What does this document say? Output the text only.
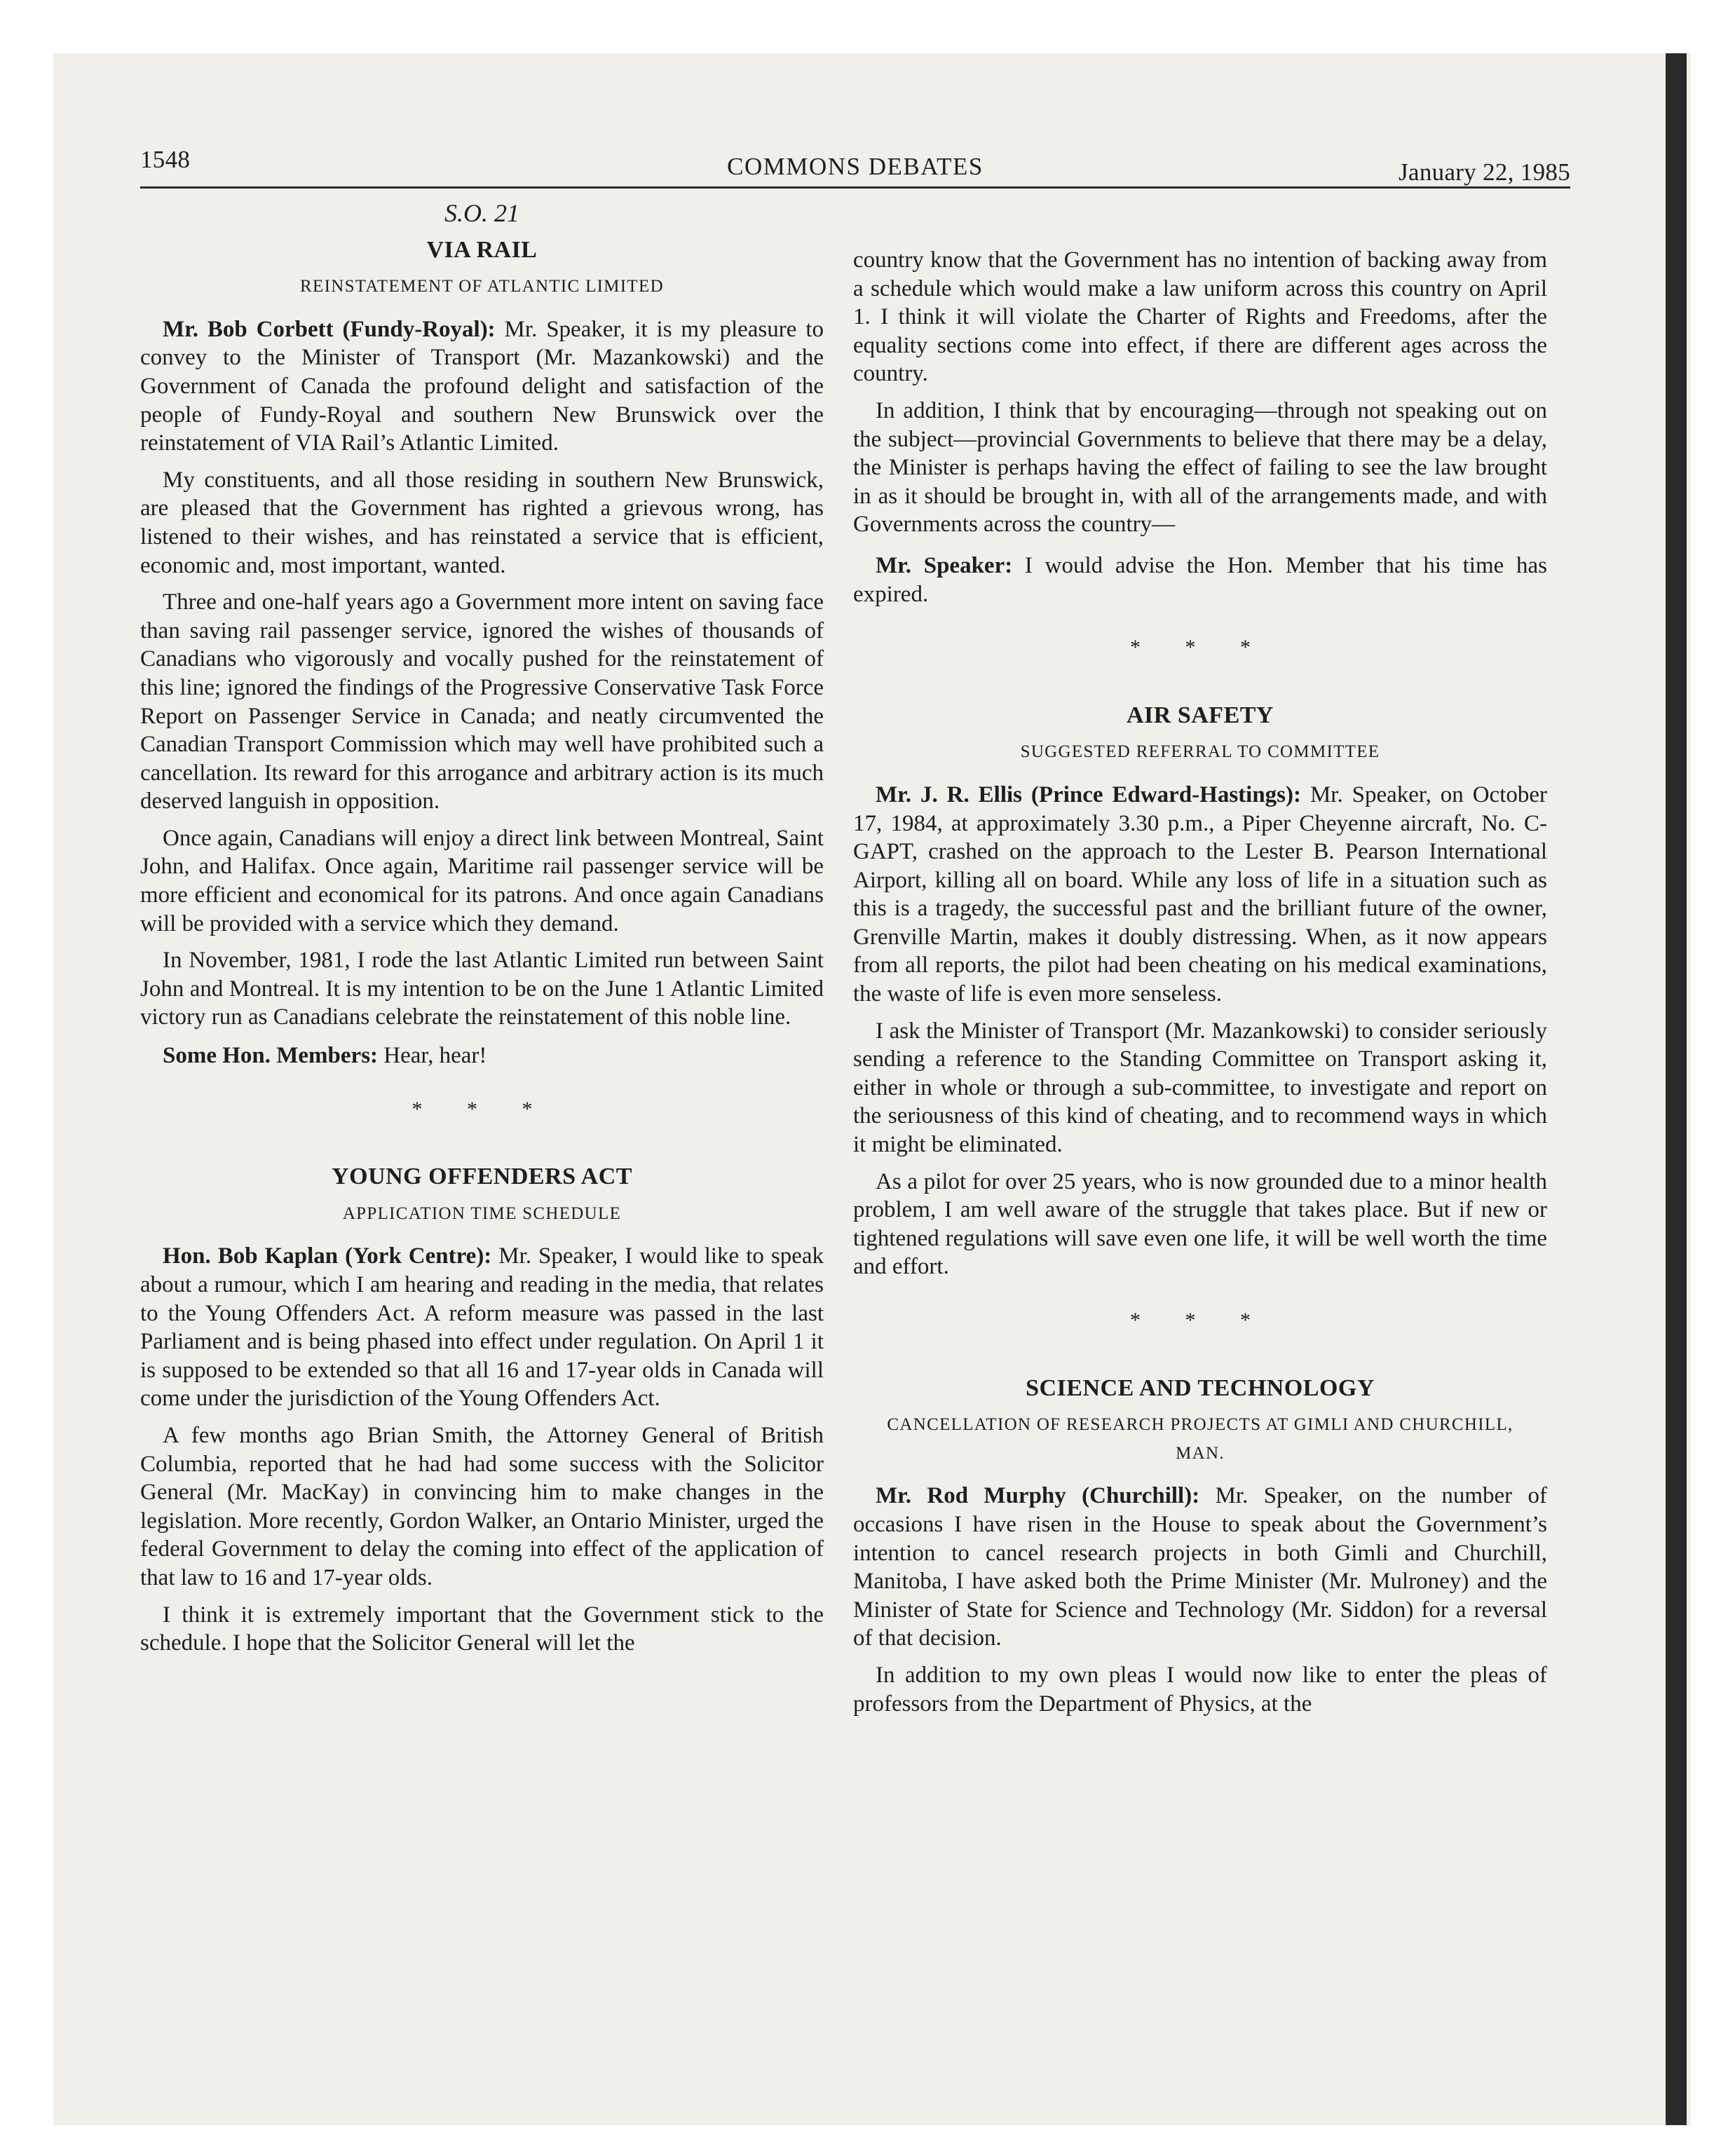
1548	COMMONS DEBATES	January 22, 1985
S.O. 21
VIA RAIL
REINSTATEMENT OF ATLANTIC LIMITED

Mr. Bob Corbett (Fundy-Royal): Mr. Speaker, it is my pleasure to convey to the Minister of Transport (Mr. Mazankowski) and the Government of Canada the profound delight and satisfaction of the people of Fundy-Royal and southern New Brunswick over the reinstatement of VIA Rail’s Atlantic Limited.

My constituents, and all those residing in southern New Brunswick, are pleased that the Government has righted a grievous wrong, has listened to their wishes, and has reinstated a service that is efficient, economic and, most important, wanted.

Three and one-half years ago a Government more intent on saving face than saving rail passenger service, ignored the wishes of thousands of Canadians who vigorously and vocally pushed for the reinstatement of this line; ignored the findings of the Progressive Conservative Task Force Report on Passenger Service in Canada; and neatly circumvented the Canadian Transport Commission which may well have prohibited such a cancellation. Its reward for this arrogance and arbitrary action is its much deserved languish in opposition.

Once again, Canadians will enjoy a direct link between Montreal, Saint John, and Halifax. Once again, Maritime rail passenger service will be more efficient and economical for its patrons. And once again Canadians will be provided with a service which they demand.

In November, 1981, I rode the last Atlantic Limited run between Saint John and Montreal. It is my intention to be on the June 1 Atlantic Limited victory run as Canadians celebrate the reinstatement of this noble line.

Some Hon. Members: Hear, hear!

* * *
YOUNG OFFENDERS ACT
APPLICATION TIME SCHEDULE

Hon. Bob Kaplan (York Centre): Mr. Speaker, I would like to speak about a rumour, which I am hearing and reading in the media, that relates to the Young Offenders Act. A reform measure was passed in the last Parliament and is being phased into effect under regulation. On April 1 it is supposed to be extended so that all 16 and 17-year olds in Canada will come under the jurisdiction of the Young Offenders Act.

A few months ago Brian Smith, the Attorney General of British Columbia, reported that he had had some success with the Solicitor General (Mr. MacKay) in convincing him to make changes in the legislation. More recently, Gordon Walker, an Ontario Minister, urged the federal Government to delay the coming into effect of the application of that law to 16 and 17-year olds.

I think it is extremely important that the Government stick to the schedule. I hope that the Solicitor General will let the

country know that the Government has no intention of backing away from a schedule which would make a law uniform across this country on April 1. I think it will violate the Charter of Rights and Freedoms, after the equality sections come into effect, if there are different ages across the country.

In addition, I think that by encouraging—through not speaking out on the subject—provincial Governments to believe that there may be a delay, the Minister is perhaps having the effect of failing to see the law brought in as it should be brought in, with all of the arrangements made, and with Governments across the country—

Mr. Speaker: I would advise the Hon. Member that his time has expired.

* * *
AIR SAFETY
SUGGESTED REFERRAL TO COMMITTEE

Mr. J. R. Ellis (Prince Edward-Hastings): Mr. Speaker, on October 17, 1984, at approximately 3.30 p.m., a Piper Cheyenne aircraft, No. C-GAPT, crashed on the approach to the Lester B. Pearson International Airport, killing all on board. While any loss of life in a situation such as this is a tragedy, the successful past and the brilliant future of the owner, Grenville Martin, makes it doubly distressing. When, as it now appears from all reports, the pilot had been cheating on his medical examinations, the waste of life is even more senseless.

I ask the Minister of Transport (Mr. Mazankowski) to consider seriously sending a reference to the Standing Committee on Transport asking it, either in whole or through a sub-committee, to investigate and report on the seriousness of this kind of cheating, and to recommend ways in which it might be eliminated.

As a pilot for over 25 years, who is now grounded due to a minor health problem, I am well aware of the struggle that takes place. But if new or tightened regulations will save even one life, it will be well worth the time and effort.

* * *
SCIENCE AND TECHNOLOGY
CANCELLATION OF RESEARCH PROJECTS AT GIMLI AND CHURCHILL, MAN.

Mr. Rod Murphy (Churchill): Mr. Speaker, on the number of occasions I have risen in the House to speak about the Government’s intention to cancel research projects in both Gimli and Churchill, Manitoba, I have asked both the Prime Minister (Mr. Mulroney) and the Minister of State for Science and Technology (Mr. Siddon) for a reversal of that decision.

In addition to my own pleas I would now like to enter the pleas of professors from the Department of Physics, at the
